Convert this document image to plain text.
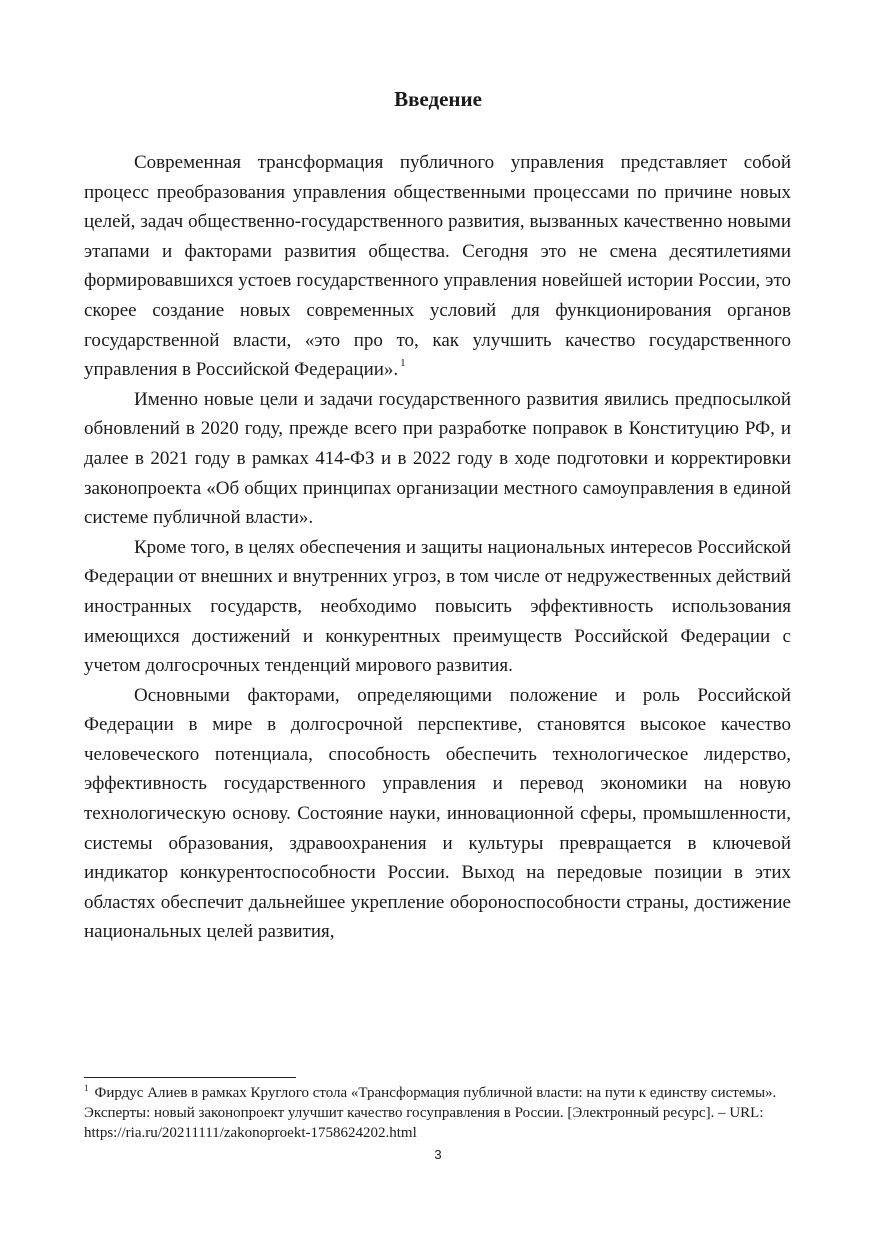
Введение

Современная трансформация публичного управления представляет собой процесс преобразования управления общественными процессами по причине новых целей, задач общественно-государственного развития, вызванных качественно новыми этапами и факторами развития общества. Сегодня это не смена десятилетиями формировавшихся устоев государственного управления новейшей истории России, это скорее создание новых современных условий для функционирования органов государственной власти, «это про то, как улучшить качество государственного управления в Российской Федерации». $^1$

Именно новые цели и задачи государственного развития явились предпосылкой обновлений в 2020 году, прежде всего при разработке поправок в Конституцию РФ, и далее в 2021 году в рамках 414-ФЗ и в 2022 году в ходе подготовки и корректировки законопроекта «Об общих принципах организации местного самоуправления в единой системе публичной власти».

Кроме того, в целях обеспечения и защиты национальных интересов Российской Федерации от внешних и внутренних угроз, в том числе от недружественных действий иностранных государств, необходимо повысить эффективность использования имеющихся достижений и конкурентных преимуществ Российской Федерации с учетом долгосрочных тенденций мирового развития.

Основными факторами, определяющими положение и роль Российской Федерации в мире в долгосрочной перспективе, становятся высокое качество человеческого потенциала, способность обеспечить технологическое лидерство, эффективность государственного управления и перевод экономики на новую технологическую основу. Состояние науки, инновационной сферы, промышленности, системы образования, здравоохранения и культуры превращается в ключевой индикатор конкурентоспособности России. Выход на передовые позиции в этих областях обеспечит дальнейшее укрепление обороноспособности страны, достижение национальных целей развития,

$^1$ Фирдус Алиев в рамках Круглого стола «Трансформация публичной власти: на пути к единству системы». Эксперты: новый законопроект улучшит качество госуправления в России. [Электронный ресурс]. – URL: https://ria.ru/20211111/zakonoproekt-1758624202.html

3
